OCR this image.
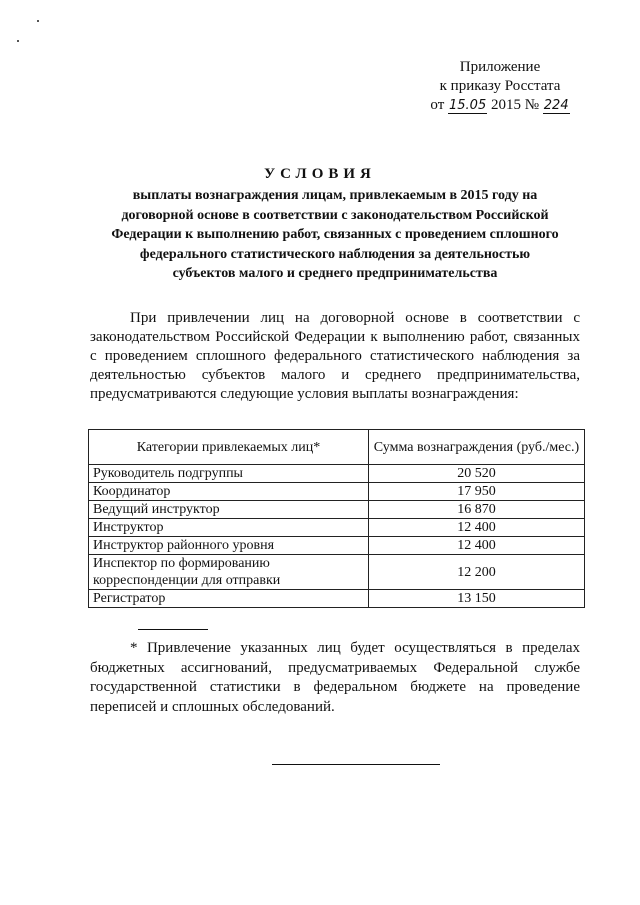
Приложение
к приказу Росстата
от 15.05 2015 № 224
УСЛОВИЯ
выплаты вознаграждения лицам, привлекаемым в 2015 году на
договорной основе в соответствии с законодательством Российской
Федерации к выполнению работ, связанных с проведением сплошного
федерального статистического наблюдения за деятельностью
субъектов малого и среднего предпринимательства
При привлечении лиц на договорной основе в соответствии с законодательством Российской Федерации к выполнению работ, связанных с проведением сплошного федерального статистического наблюдения за деятельностью субъектов малого и среднего предпринимательства, предусматриваются следующие условия выплаты вознаграждения:
Категории привлекаемых лиц*	Сумма вознаграждения (руб./мес.)
Руководитель подгруппы	20 520
Координатор	17 950
Ведущий инструктор	16 870
Инструктор	12 400
Инструктор районного уровня	12 400
Инспектор по формированию корреспонденции для отправки	12 200
Регистратор	13 150
* Привлечение указанных лиц будет осуществляться в пределах бюджетных ассигнований, предусматриваемых Федеральной службе государственной статистики в федеральном бюджете на проведение переписей и сплошных обследований.
